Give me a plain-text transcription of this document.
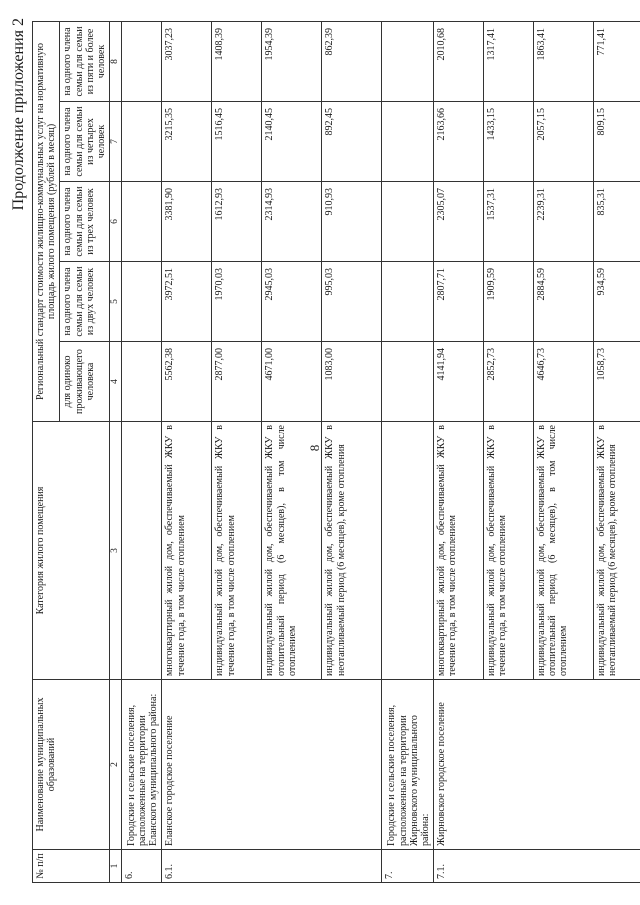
8
Продолжение приложения 2
№ п/п	Наименование муниципальных образований	Категория жилого помещения	Региональный стандарт стоимости жилищно-коммунальных услуг на нормативную площадь жилого помещения (рублей в месяц)				
			для одиноко проживающего человека	на одного члена семьи для семьи из двух человек	на одного члена семьи для семьи из трех человек	на одного члена семьи для семьи из четырех человек	на одного члена семьи для семьи из пяти и более человек
1	2	3	4	5	6	7	8
6.	Городские и сельские поселения, расположенные на территории Еланского муниципального района:						
6.1.	Еланское городское поселение	многоквартирный жилой дом, обеспечиваемый ЖКУ в течение года, в том числе отоплением	5562,38	3972,51	3381,90	3215,35	3037,23
		индивидуальный жилой дом, обеспечиваемый ЖКУ в течение года, в том числе отоплением	2877,00	1970,03	1612,93	1516,45	1408,39
		индивидуальный жилой дом, обеспечиваемый ЖКУ в отопительный период (6 месяцев), в том числе отоплением	4671,00	2945,03	2314,93	2140,45	1954,39
		индивидуальный жилой дом, обеспечиваемый ЖКУ в неотапливаемый период (6 месяцев), кроме отопления	1083,00	995,03	910,93	892,45	862,39
7.	Городские и сельские поселения, расположенные на территории Жирновского муниципального района:						
7.1.	Жирновское городское поселение	многоквартирный жилой дом, обеспечиваемый ЖКУ в течение года, в том числе отоплением	4141,94	2807,71	2305,07	2163,66	2010,68
		индивидуальный жилой дом, обеспечиваемый ЖКУ в течение года, в том числе отоплением	2852,73	1909,59	1537,31	1433,15	1317,41
		индивидуальный жилой дом, обеспечиваемый ЖКУ в отопительный период (6 месяцев), в том числе отоплением	4646,73	2884,59	2239,31	2057,15	1863,41
		индивидуальный жилой дом, обеспечиваемый ЖКУ в неотапливаемый период (6 месяцев), кроме отопления	1058,73	934,59	835,31	809,15	771,41
